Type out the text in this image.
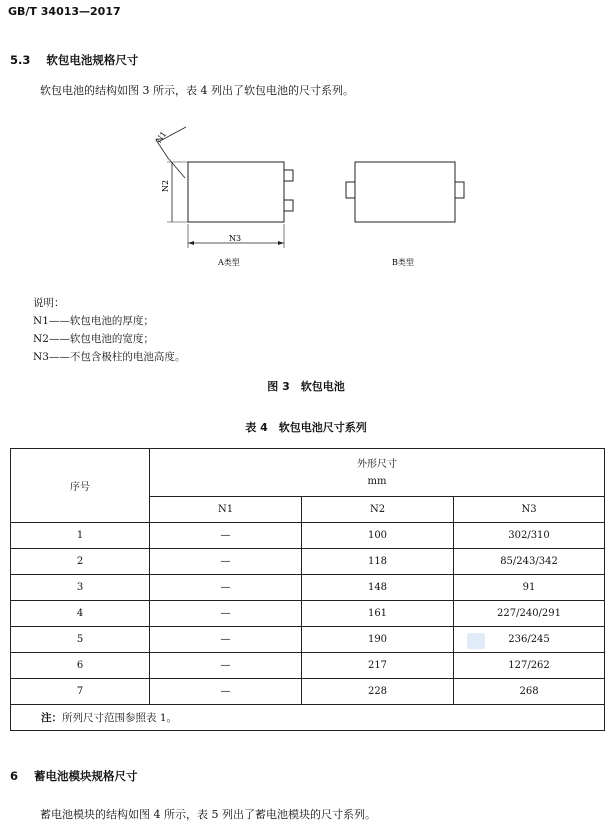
GB/T 34013—2017
5.3 软包电池规格尺寸
软包电池的结构如图 3 所示，表 4 列出了软包电池的尺寸系列。
N1
N2
N3
A类型	B类型
说明：
N1——软包电池的厚度；
N2——软包电池的宽度；
N3——不包含极柱的电池高度。
图 3　软包电池
表 4　软包电池尺寸系列
序号	外形尺寸
mm		

	N1	N2	N3
1	—	100	302/310
2	—	118	85/243/342
3	—	148	91
4	—	161	227/240/291
5	—	190	236/245
6	—	217	127/262
7	—	228	268
注：所列尺寸范围参照表 1。			
6 蓄电池模块规格尺寸
蓄电池模块的结构如图 4 所示，表 5 列出了蓄电池模块的尺寸系列。
